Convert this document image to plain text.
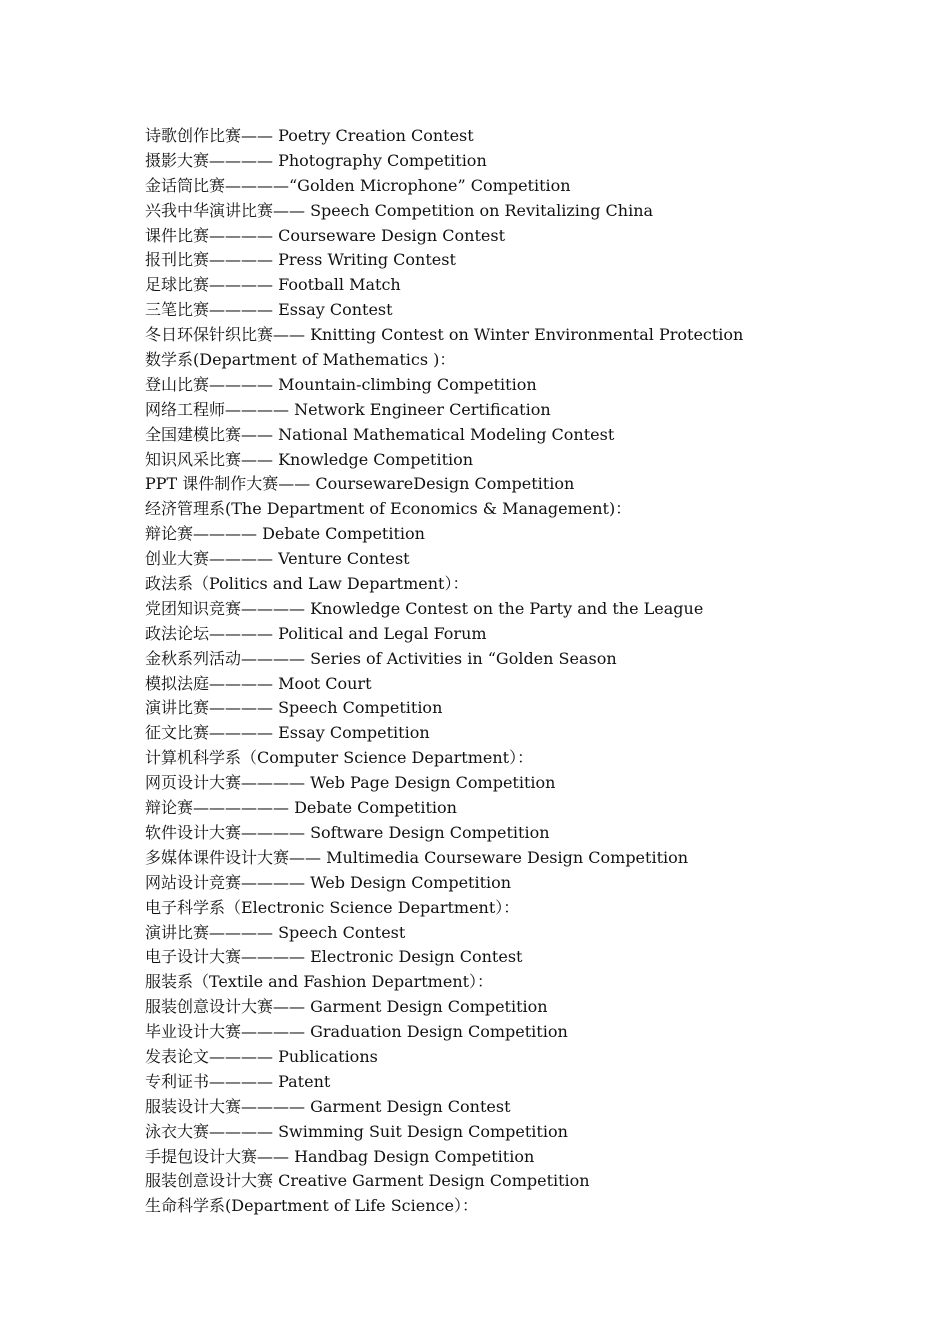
诗歌创作比赛—— Poetry Creation Contest
摄影大赛———— Photography Competition
金话筒比赛————“Golden Microphone” Competition
兴我中华演讲比赛—— Speech Competition on Revitalizing China
课件比赛———— Courseware Design Contest
报刊比赛———— Press Writing Contest
足球比赛———— Football Match
三笔比赛———— Essay Contest
冬日环保针织比赛—— Knitting Contest on Winter Environmental Protection
数学系(Department of Mathematics )：
登山比赛———— Mountain-climbing Competition
网络工程师———— Network Engineer Certification
全国建模比赛—— National Mathematical Modeling Contest
知识风采比赛—— Knowledge Competition
PPT 课件制作大赛—— CoursewareDesign Competition
经济管理系(The Department of Economics & Management)：
辩论赛———— Debate Competition
创业大赛———— Venture Contest
政法系（Politics and Law Department）：
党团知识竞赛———— Knowledge Contest on the Party and the League
政法论坛———— Political and Legal Forum
金秋系列活动———— Series of Activities in “Golden Season
模拟法庭———— Moot Court
演讲比赛———— Speech Competition
征文比赛———— Essay Competition
计算机科学系（Computer Science Department）：
网页设计大赛———— Web Page Design Competition
辩论赛—————— Debate Competition
软件设计大赛———— Software Design Competition
多媒体课件设计大赛—— Multimedia Courseware Design Competition
网站设计竞赛———— Web Design Competition
电子科学系（Electronic Science Department）：
演讲比赛———— Speech Contest
电子设计大赛———— Electronic Design Contest
服装系（Textile and Fashion Department）：
服装创意设计大赛—— Garment Design Competition
毕业设计大赛———— Graduation Design Competition
发表论文———— Publications
专利证书———— Patent
服装设计大赛———— Garment Design Contest
泳衣大赛———— Swimming Suit Design Competition
手提包设计大赛—— Handbag Design Competition
服装创意设计大赛 Creative Garment Design Competition
生命科学系(Department of Life Science）：
